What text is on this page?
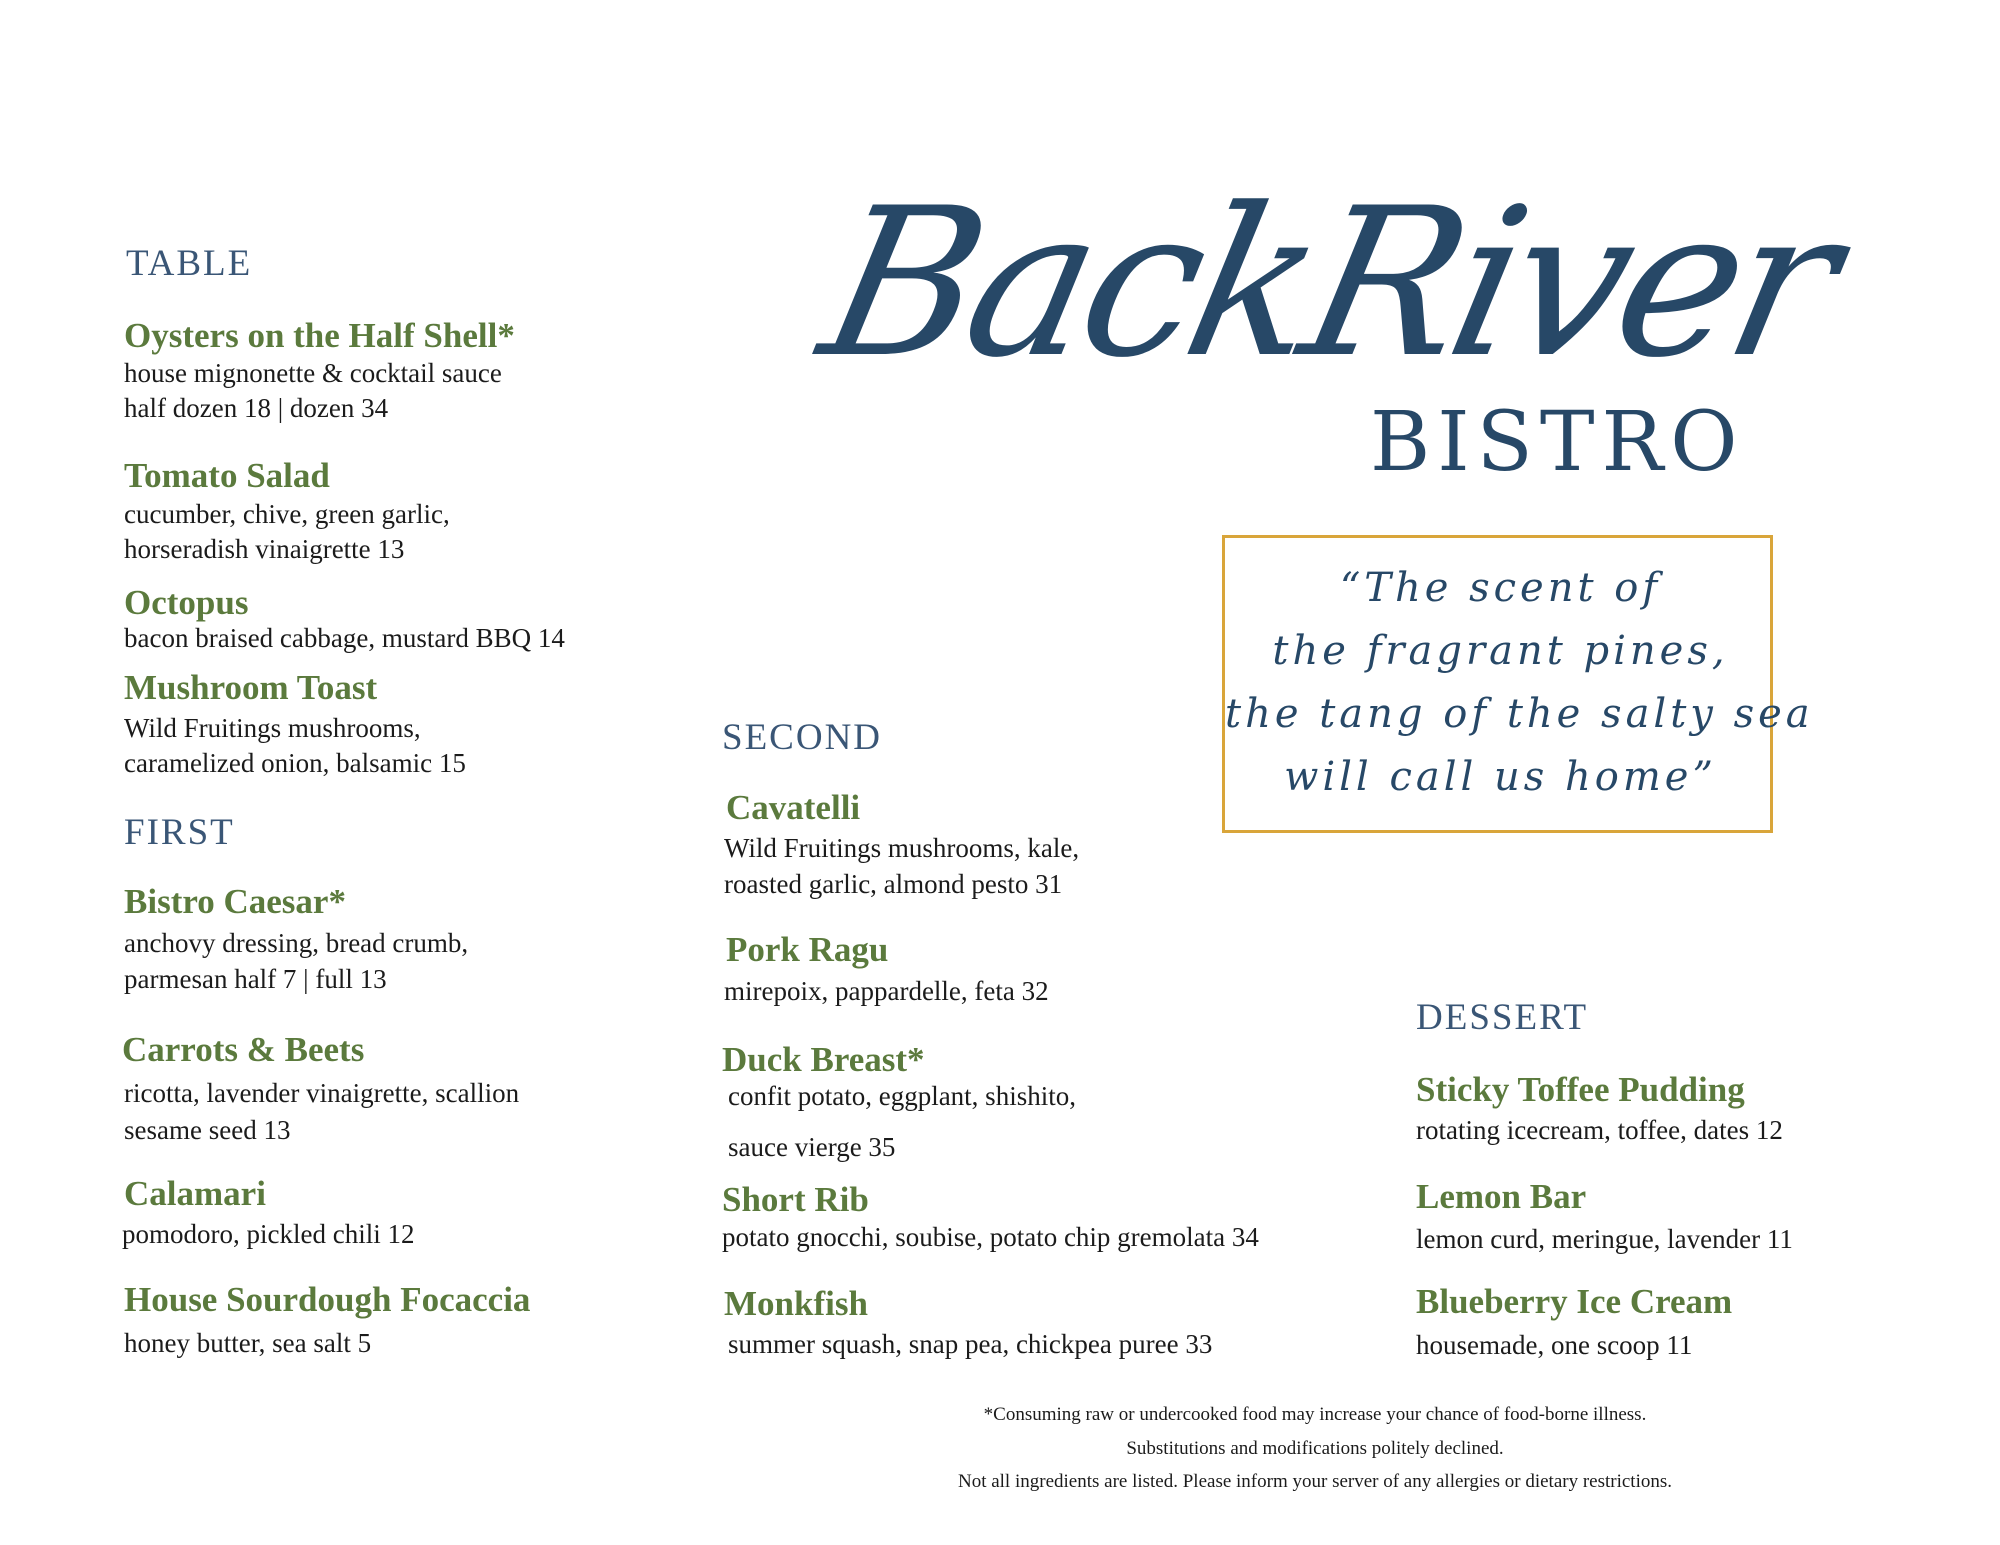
BackRiver
BISTRO
“The scent of
the fragrant pines,
the tang of the salty sea
will call us home”
TABLE
Oysters on the Half Shell*
house mignonette & cocktail sauce
half dozen 18 | dozen 34
Tomato Salad
cucumber, chive, green garlic,
horseradish vinaigrette 13
Octopus
bacon braised cabbage, mustard BBQ 14
Mushroom Toast
Wild Fruitings mushrooms,
caramelized onion, balsamic 15
FIRST
Bistro Caesar*
anchovy dressing, bread crumb,
parmesan half 7 | full 13
Carrots & Beets
ricotta, lavender vinaigrette, scallion
sesame seed 13
Calamari
pomodoro, pickled chili 12
House Sourdough Focaccia
honey butter, sea salt 5
SECOND
Cavatelli
Wild Fruitings mushrooms, kale,
roasted garlic, almond pesto 31
Pork Ragu
mirepoix, pappardelle, feta 32
Duck Breast*
confit potato, eggplant, shishito,
sauce vierge 35
Short Rib
potato gnocchi, soubise, potato chip gremolata 34
Monkfish
summer squash, snap pea, chickpea puree 33
DESSERT
Sticky Toffee Pudding
rotating icecream, toffee, dates 12
Lemon Bar
lemon curd, meringue, lavender 11
Blueberry Ice Cream
housemade, one scoop 11
*Consuming raw or undercooked food may increase your chance of food-borne illness.
Substitutions and modifications politely declined.
Not all ingredients are listed. Please inform your server of any allergies or dietary restrictions.
